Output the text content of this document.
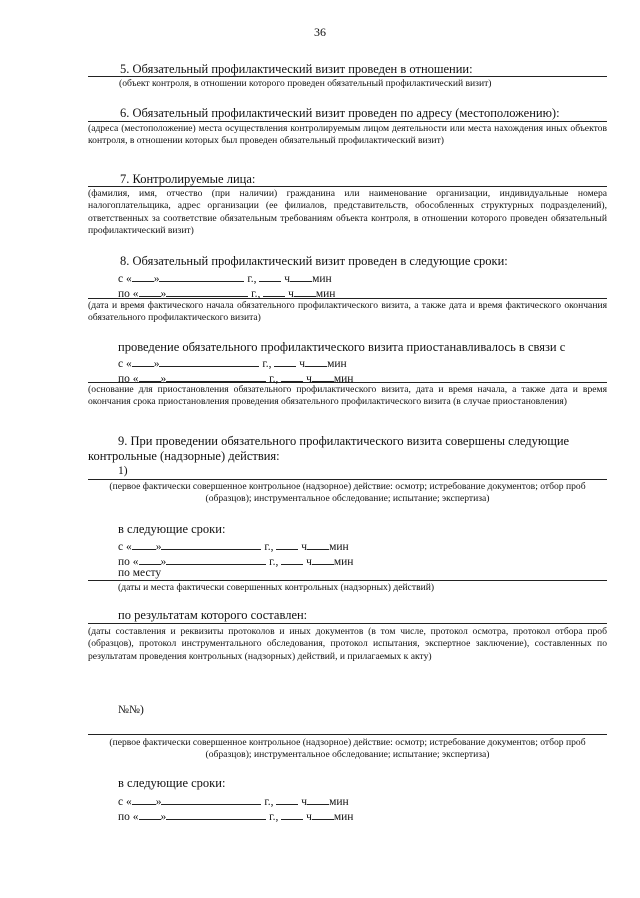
36
5. Обязательный профилактический визит проведен в отношении:
(объект контроля, в отношении которого проведен обязательный профилактический визит)
6. Обязательный профилактический визит проведен по адресу (местоположению):
(адреса (местоположение) места осуществления контролируемым лицом деятельности или места нахождения иных объектов контроля, в отношении которых был проведен обязательный профилактический визит)
7. Контролируемые лица:
(фамилия, имя, отчество (при наличии) гражданина или наименование организации, индивидуальные номера налогоплательщика, адрес организации (ее филиалов, представительств, обособленных структурных подразделений), ответственных за соответствие обязательным требованиям объекта контроля, в отношении которого проведен обязательный профилактический визит)
8. Обязательный профилактический визит проведен в следующие сроки:
с « »	г., ч мин
по « »	г., ч мин
(дата и время фактического начала обязательного профилактического визита, а также дата и время фактического окончания обязательного профилактического визита)
проведение обязательного профилактического визита приостанавливалось в связи с
с « »	г., ч мин
по « »	г., ч мин
(основание для приостановления обязательного профилактического визита, дата и время начала, а также дата и время окончания срока приостановления проведения обязательного профилактического визита (в случае приостановления)
9. При проведении обязательного профилактического визита совершены следующие
контрольные (надзорные) действия:
1)
(первое фактически совершенное контрольное (надзорное) действие: осмотр; истребование документов; отбор проб (образцов); инструментальное обследование; испытание; экспертиза)
в следующие сроки:
с « »	г., ч мин
по « »	г., ч мин
по месту
(даты и места фактически совершенных контрольных (надзорных) действий)
по результатам которого составлен:
(даты составления и реквизиты протоколов и иных документов (в том числе, протокол осмотра, протокол отбора проб (образцов), протокол инструментального обследования, протокол испытания, экспертное заключение), составленных по результатам проведения контрольных (надзорных) действий, и прилагаемых к акту)
№№)
(первое фактически совершенное контрольное (надзорное) действие: осмотр; истребование документов; отбор проб (образцов); инструментальное обследование; испытание; экспертиза)
в следующие сроки:
с « »	г., ч мин
по « »	г., ч мин
